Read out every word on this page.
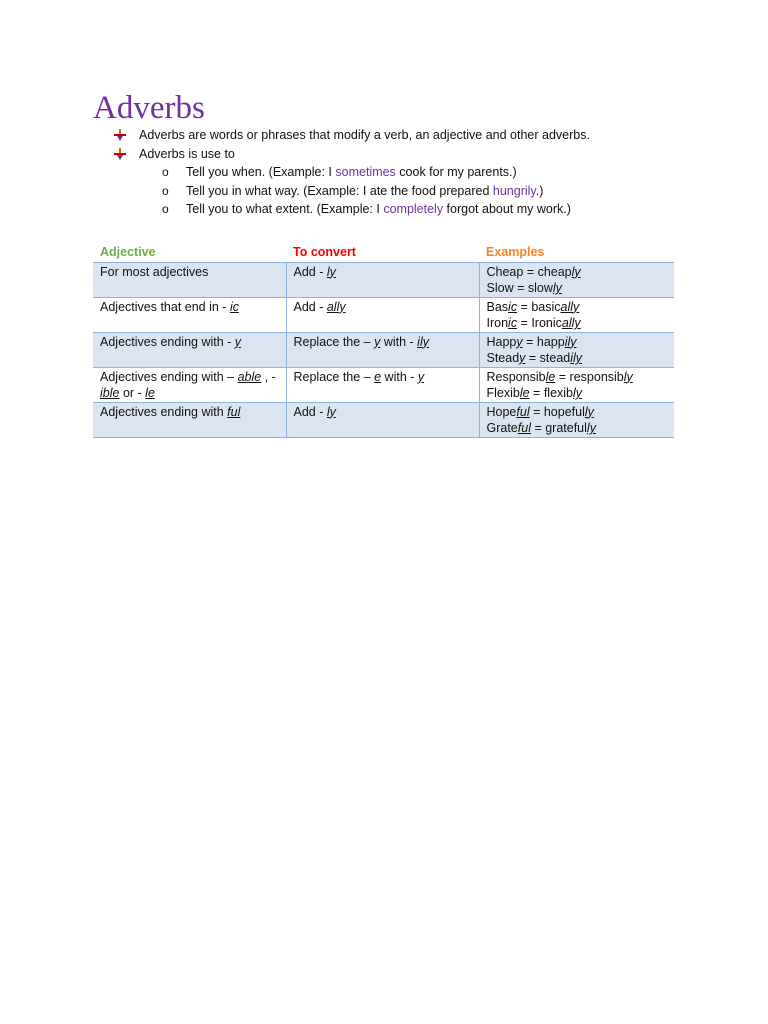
Adverbs
Adverbs are words or phrases that modify a verb, an adjective and other adverbs.
Adverbs is use to
o Tell you when. (Example: I sometimes cook for my parents.)
o Tell you in what way. (Example: I ate the food prepared hungrily.)
o Tell you to what extent. (Example: I completely forgot about my work.)
Adjective	To convert	Examples
For most adjectives	Add - ly	Cheap = cheaply
Slow = slowly

Adjectives that end in - ic	Add - ally	Basic = basically
Ironic = Ironically

Adjectives ending with - y	Replace the – y with - ily	Happy = happily
Steady = steadily

Adjectives ending with – able , - ible or - le	Replace the – e with - y	Responsible = responsibly
Flexible = flexibly

Adjectives ending with ful	Add - ly	Hopeful = hopefully
Grateful = gratefully
